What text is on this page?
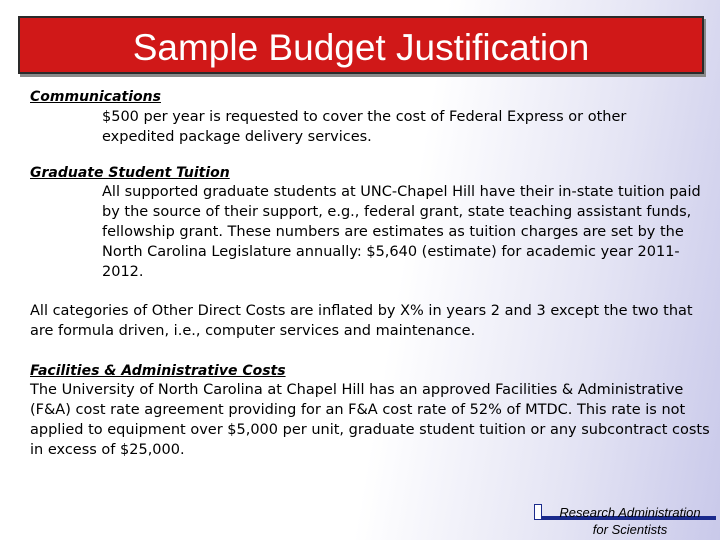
Sample Budget Justification
Communications
$500 per year is requested to cover the cost of Federal Express or other expedited package delivery services.
Graduate Student Tuition
All supported graduate students at UNC-Chapel Hill have their in-state tuition paid by the source of their support, e.g., federal grant, state teaching assistant funds, fellowship grant. These numbers are estimates as tuition charges are set by the North Carolina Legislature annually: $5,640 (estimate) for academic year 2011-2012.

All categories of Other Direct Costs are inflated by X% in years 2 and 3 except the two that are formula driven, i.e., computer services and maintenance.

Facilities & Administrative Costs

The University of North Carolina at Chapel Hill has an approved Facilities & Administrative (F&A) cost rate agreement providing for an F&A cost rate of 52% of MTDC. This rate is not applied to equipment over $5,000 per unit, graduate student tuition or any subcontract costs in excess of $25,000.

Research Administration
for Scientists
